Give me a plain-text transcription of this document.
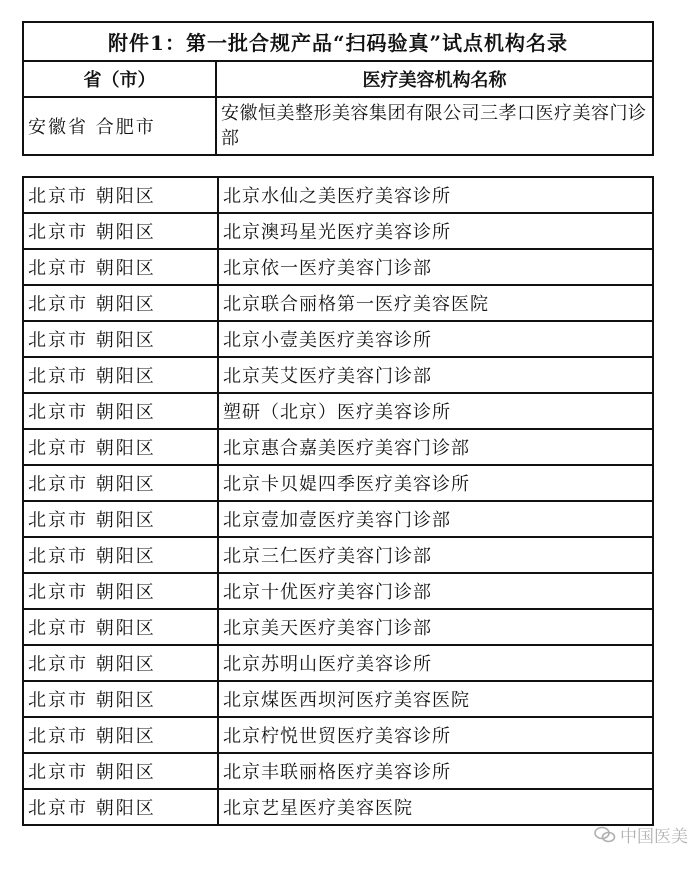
附件1：第一批合规产品“扫码验真”试点机构名录	
省（市）	医疗美容机构名称
安徽省 合肥市	安徽恒美整形美容集团有限公司三孝口医疗美容门诊部
北京市 朝阳区	北京水仙之美医疗美容诊所
北京市 朝阳区	北京澳玛星光医疗美容诊所
北京市 朝阳区	北京依一医疗美容门诊部
北京市 朝阳区	北京联合丽格第一医疗美容医院
北京市 朝阳区	北京小壹美医疗美容诊所
北京市 朝阳区	北京芙艾医疗美容门诊部
北京市 朝阳区	塑研（北京）医疗美容诊所
北京市 朝阳区	北京惠合嘉美医疗美容门诊部
北京市 朝阳区	北京卡贝媞四季医疗美容诊所
北京市 朝阳区	北京壹加壹医疗美容门诊部
北京市 朝阳区	北京三仁医疗美容门诊部
北京市 朝阳区	北京十优医疗美容门诊部
北京市 朝阳区	北京美天医疗美容门诊部
北京市 朝阳区	北京苏明山医疗美容诊所
北京市 朝阳区	北京煤医西坝河医疗美容医院
北京市 朝阳区	北京柠悦世贸医疗美容诊所
北京市 朝阳区	北京丰联丽格医疗美容诊所
北京市 朝阳区	北京艺星医疗美容医院
中国医美
